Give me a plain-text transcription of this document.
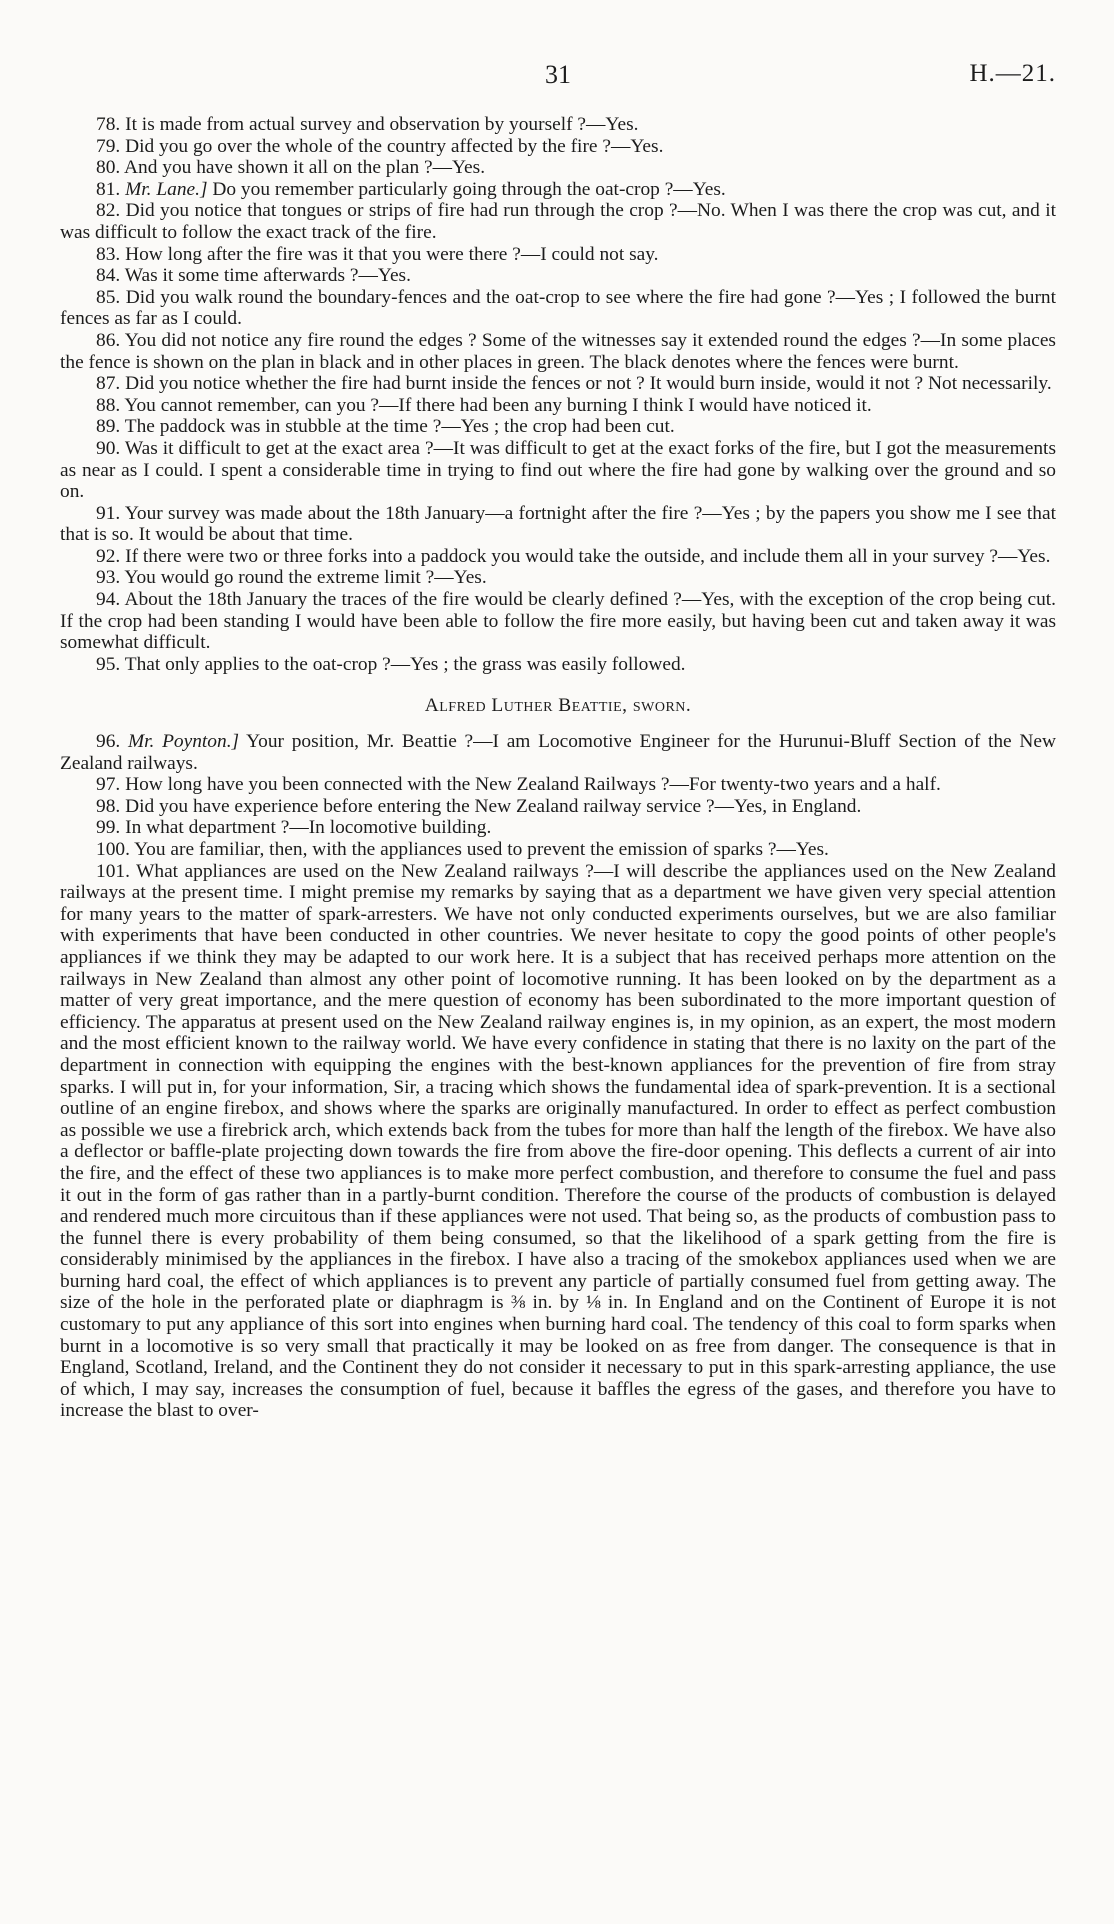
31	H.—21.

78. It is made from actual survey and observation by yourself ?—Yes.

79. Did you go over the whole of the country affected by the fire ?—Yes.

80. And you have shown it all on the plan ?—Yes.

81. Mr. Lane.] Do you remember particularly going through the oat-crop ?—Yes.

82. Did you notice that tongues or strips of fire had run through the crop ?—No. When I was there the crop was cut, and it was difficult to follow the exact track of the fire.

83. How long after the fire was it that you were there ?—I could not say.

84. Was it some time afterwards ?—Yes.

85. Did you walk round the boundary-fences and the oat-crop to see where the fire had gone ?—Yes ; I followed the burnt fences as far as I could.

86. You did not notice any fire round the edges ? Some of the witnesses say it extended round the edges ?—In some places the fence is shown on the plan in black and in other places in green. The black denotes where the fences were burnt.

87. Did you notice whether the fire had burnt inside the fences or not ? It would burn inside, would it not ? Not necessarily.

88. You cannot remember, can you ?—If there had been any burning I think I would have noticed it.

89. The paddock was in stubble at the time ?—Yes ; the crop had been cut.

90. Was it difficult to get at the exact area ?—It was difficult to get at the exact forks of the fire, but I got the measurements as near as I could. I spent a considerable time in trying to find out where the fire had gone by walking over the ground and so on.

91. Your survey was made about the 18th January—a fortnight after the fire ?—Yes ; by the papers you show me I see that that is so. It would be about that time.

92. If there were two or three forks into a paddock you would take the outside, and include them all in your survey ?—Yes.

93. You would go round the extreme limit ?—Yes.

94. About the 18th January the traces of the fire would be clearly defined ?—Yes, with the exception of the crop being cut. If the crop had been standing I would have been able to follow the fire more easily, but having been cut and taken away it was somewhat difficult.

95. That only applies to the oat-crop ?—Yes ; the grass was easily followed.

Alfred Luther Beattie, sworn.

96. Mr. Poynton.] Your position, Mr. Beattie ?—I am Locomotive Engineer for the Hurunui-Bluff Section of the New Zealand railways.

97. How long have you been connected with the New Zealand Railways ?—For twenty-two years and a half.

98. Did you have experience before entering the New Zealand railway service ?—Yes, in England.

99. In what department ?—In locomotive building.

100. You are familiar, then, with the appliances used to prevent the emission of sparks ?—Yes.

101. What appliances are used on the New Zealand railways ?—I will describe the appliances used on the New Zealand railways at the present time. I might premise my remarks by saying that as a department we have given very special attention for many years to the matter of spark-arresters. We have not only conducted experiments ourselves, but we are also familiar with experiments that have been conducted in other countries. We never hesitate to copy the good points of other people's appliances if we think they may be adapted to our work here. It is a subject that has received perhaps more attention on the railways in New Zealand than almost any other point of locomotive running. It has been looked on by the department as a matter of very great importance, and the mere question of economy has been subordinated to the more important question of efficiency. The apparatus at present used on the New Zealand railway engines is, in my opinion, as an expert, the most modern and the most efficient known to the railway world. We have every confidence in stating that there is no laxity on the part of the department in connection with equipping the engines with the best-known appliances for the prevention of fire from stray sparks. I will put in, for your information, Sir, a tracing which shows the fundamental idea of spark-prevention. It is a sectional outline of an engine firebox, and shows where the sparks are originally manufactured. In order to effect as perfect combustion as possible we use a firebrick arch, which extends back from the tubes for more than half the length of the firebox. We have also a deflector or baffle-plate projecting down towards the fire from above the fire-door opening. This deflects a current of air into the fire, and the effect of these two appliances is to make more perfect combustion, and therefore to consume the fuel and pass it out in the form of gas rather than in a partly-burnt condition. Therefore the course of the products of combustion is delayed and rendered much more circuitous than if these appliances were not used. That being so, as the products of combustion pass to the funnel there is every probability of them being consumed, so that the likelihood of a spark getting from the fire is considerably minimised by the appliances in the firebox. I have also a tracing of the smokebox appliances used when we are burning hard coal, the effect of which appliances is to prevent any particle of partially consumed fuel from getting away. The size of the hole in the perforated plate or diaphragm is ⅜ in. by ⅛ in. In England and on the Continent of Europe it is not customary to put any appliance of this sort into engines when burning hard coal. The tendency of this coal to form sparks when burnt in a locomotive is so very small that practically it may be looked on as free from danger. The consequence is that in England, Scotland, Ireland, and the Continent they do not consider it necessary to put in this spark-arresting appliance, the use of which, I may say, increases the consumption of fuel, because it baffles the egress of the gases, and therefore you have to increase the blast to over-
